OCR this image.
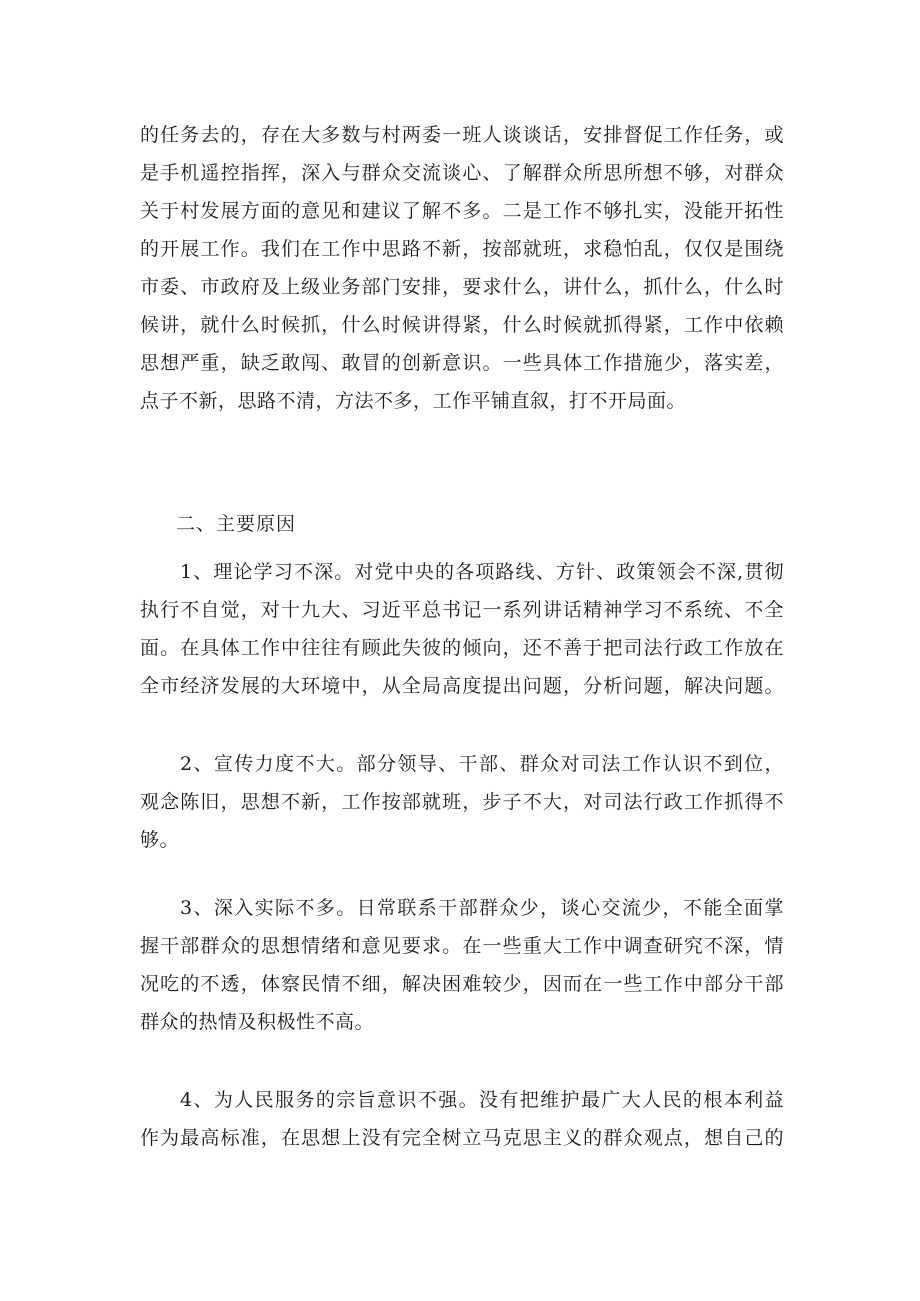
的任务去的，存在大多数与村两委一班人谈谈话，安排督促工作任务，或
是手机遥控指挥，深入与群众交流谈心、了解群众所思所想不够，对群众
关于村发展方面的意见和建议了解不多。二是工作不够扎实，没能开拓性
的开展工作。我们在工作中思路不新，按部就班，求稳怕乱，仅仅是围绕
市委、市政府及上级业务部门安排，要求什么，讲什么，抓什么，什么时
候讲，就什么时候抓，什么时候讲得紧，什么时候就抓得紧，工作中依赖
思想严重，缺乏敢闯、敢冒的创新意识。一些具体工作措施少，落实差，
点子不新，思路不清，方法不多，工作平铺直叙，打不开局面。
二、主要原因
1、理论学习不深。对党中央的各项路线、方针、政策领会不深,贯彻
执行不自觉，对十九大、习近平总书记一系列讲话精神学习不系统、不全
面。在具体工作中往往有顾此失彼的倾向，还不善于把司法行政工作放在
全市经济发展的大环境中，从全局高度提出问题，分析问题，解决问题。
2、宣传力度不大。部分领导、干部、群众对司法工作认识不到位，
观念陈旧，思想不新，工作按部就班，步子不大，对司法行政工作抓得不
够。
3、深入实际不多。日常联系干部群众少，谈心交流少，不能全面掌
握干部群众的思想情绪和意见要求。在一些重大工作中调查研究不深，情
况吃的不透，体察民情不细，解决困难较少，因而在一些工作中部分干部
群众的热情及积极性不高。
4、为人民服务的宗旨意识不强。没有把维护最广大人民的根本利益
作为最高标准，在思想上没有完全树立马克思主义的群众观点，想自己的
